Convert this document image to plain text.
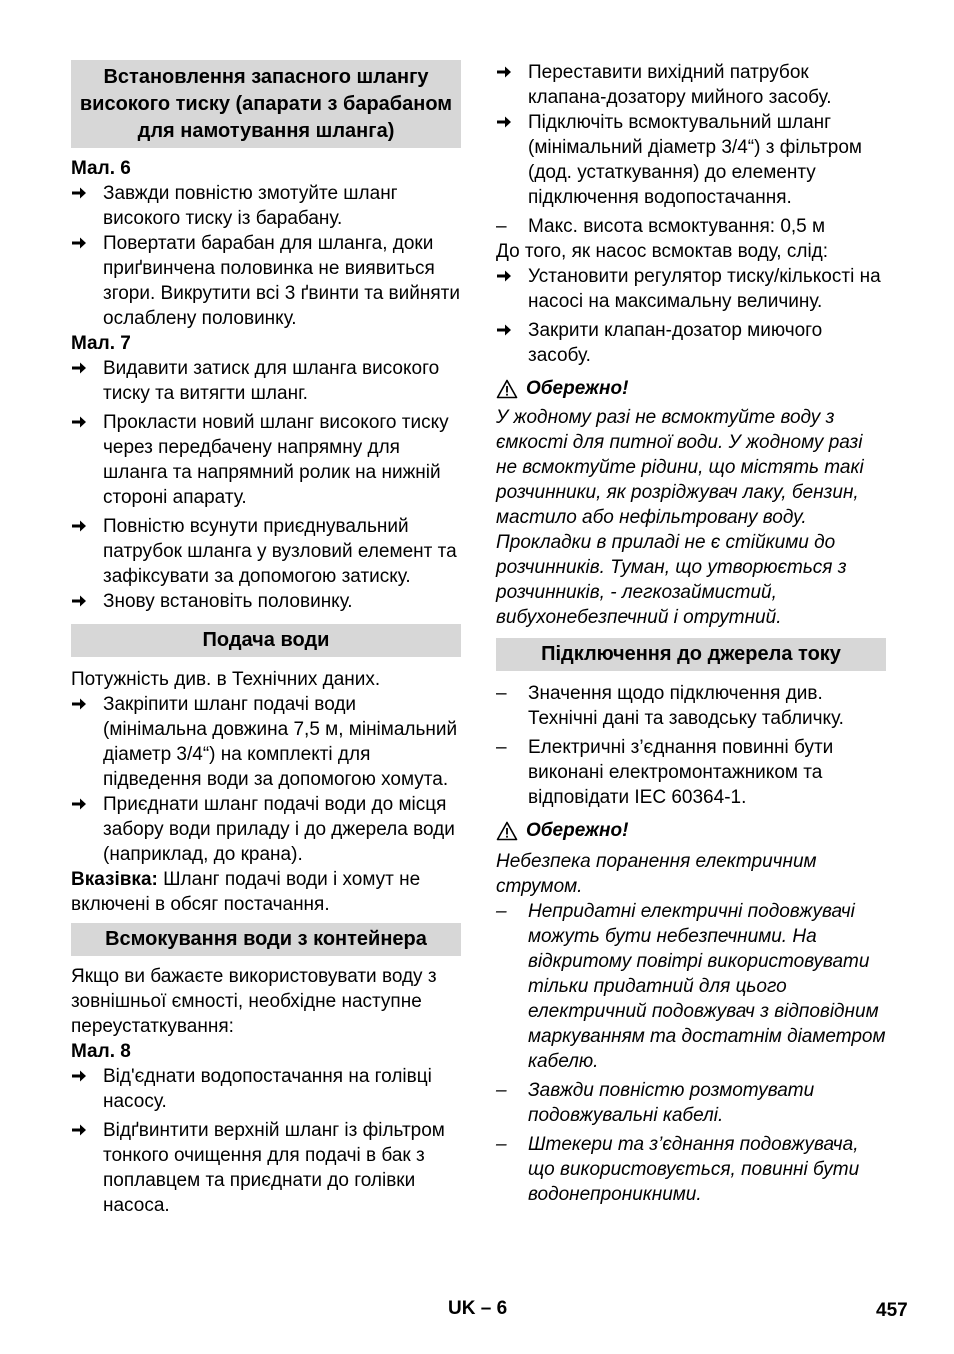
Встановлення запасного шлангу високого тиску (апарати з барабаном для намотування шланга)

Мал. 6

Завжди повністю змотуйте шланг високого тиску із барабану.
Повертати барабан для шланга, доки приґвинчена половинка не виявиться згори. Викрутити всі 3 ґвинти та вийняти ослаблену половинку.

Мал. 7

Видавити затиск для шланга високого тиску та витягти шланг.
Прокласти новий шланг високого тиску через передбачену напрямну для шланга та напрямний ролик на нижній стороні апарату.
Повністю всунути приєднувальний патрубок шланга у вузловий елемент та зафіксувати за допомогою затиску.
Знову встановіть половинку.
Подача води

Потужність див. в Технічних даних.

Закріпити шланг подачі води (мінімальна довжина 7,5 м, мінімальний діаметр 3/4“) на комплекті для підведення води за допомогою хомута.
Приєднати шланг подачі води до місця забору води приладу і до джерела води (наприклад, до крана).

Вказівка: Шланг подачі води і хомут не включені в обсяг постачання.

Всмокування води з контейнера

Якщо ви бажаєте використовувати воду з зовнішньої ємності, необхідне наступне переустаткування:

Мал. 8

Від'єднати водопостачання на голівці насосу.
Відґвинтити верхній шланг із фільтром тонкого очищення для подачі в бак з поплавцем та приєднати до голівки насоса.
Переставити вихідний патрубок клапана-дозатору мийного засобу.
Підключіть всмоктувальний шланг (мінімальний діаметр 3/4“) з фільтром (дод. устаткування) до елементу підключення водопостачання.
–	Макс. висота всмоктування: 0,5 м

До того, як насос всмоктав воду, слід:

Установити регулятор тиску/кількості на насосі на максимальну величину.
Закрити клапан-дозатор миючого засобу.
Обережно!

У жодному разі не всмоктуйте воду з ємкості для питної води. У жодному разі не всмоктуйте рідини, що містять такі розчинники, як розріджувач лаку, бензин, мастило або нефільтровану воду. Прокладки в приладі не є стійкими до розчинників. Туман, що утворюється з розчинників, - легкозаймистий, вибухонебезпечний і отрутний.

Підключення до джерела току
–	Значення щодо підключення див. Технічні дані та заводську табличку.
–	Електричні з’єднання повинні бути виконані електромонтажником та відповідати IEC 60364-1.
Обережно!

Небезпека поранення електричним струмом.

–	Непридатні електричні подовжувачі можуть бути небезпечними. На відкритому повітрі використовувати тільки придатний для цього електричний подовжувач з відповідним маркуванням та достатнім діаметром кабелю.
–	Завжди повністю розмотувати подовжувальні кабелі.
–	Штекери та з’єднання подовжувача, що використовується, повинні бути водонепроникними.
UK – 6	457
